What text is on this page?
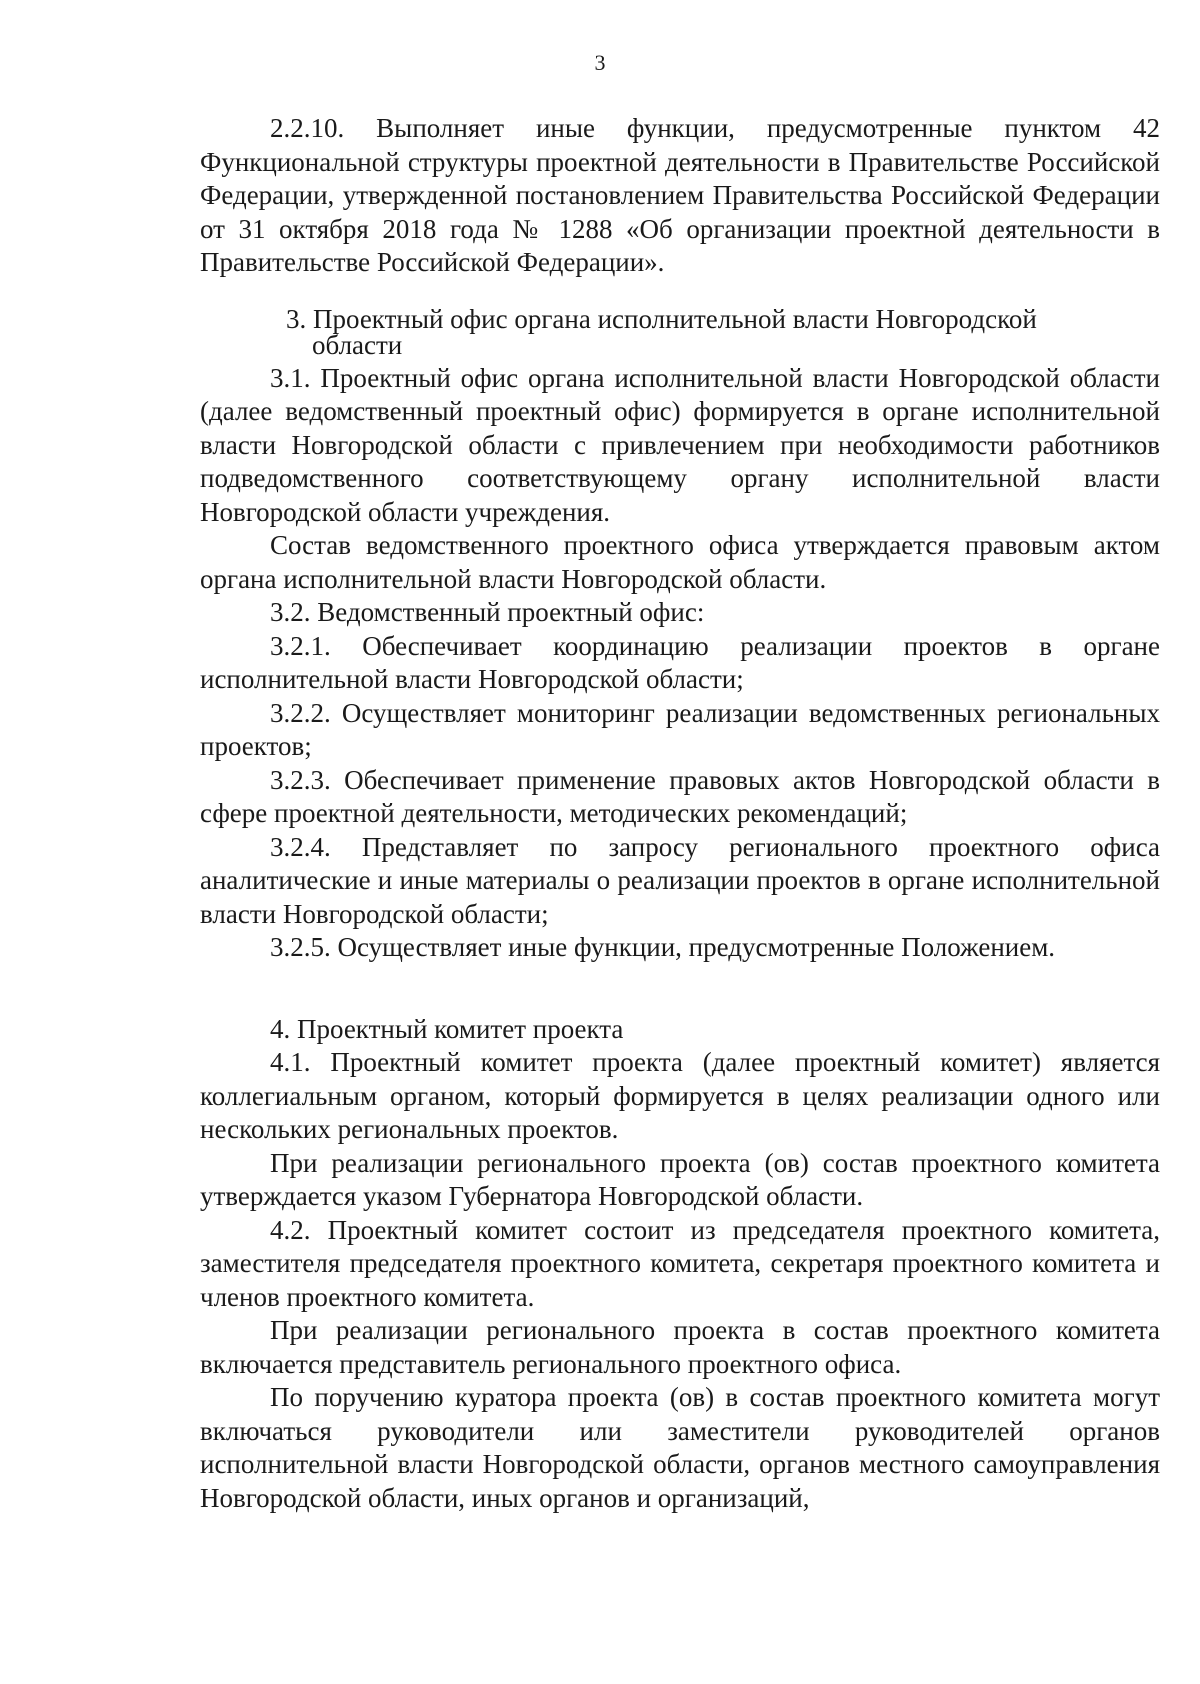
3

2.2.10. Выполняет иные функции, предусмотренные пунктом 42 Функциональной структуры проектной деятельности в Правительстве Российской Федерации, утвержденной постановлением Правительства Российской Федерации от 31 октября 2018 года № 1288 «Об организации проектной деятельности в Правительстве Российской Федерации».

3. Проектный офис органа исполнительной власти Новгородской области

3.1. Проектный офис органа исполнительной власти Новгородской области (далее ведомственный проектный офис) формируется в органе исполнительной власти Новгородской области с привлечением при необходимости работников подведомственного соответствующему органу исполнительной власти Новгородской области учреждения.

Состав ведомственного проектного офиса утверждается правовым актом органа исполнительной власти Новгородской области.

3.2. Ведомственный проектный офис:

3.2.1. Обеспечивает координацию реализации проектов в органе исполнительной власти Новгородской области;

3.2.2. Осуществляет мониторинг реализации ведомственных региональных проектов;

3.2.3. Обеспечивает применение правовых актов Новгородской области в сфере проектной деятельности, методических рекомендаций;

3.2.4. Представляет по запросу регионального проектного офиса аналитические и иные материалы о реализации проектов в органе исполнительной власти Новгородской области;

3.2.5. Осуществляет иные функции, предусмотренные Положением.

4. Проектный комитет проекта

4.1. Проектный комитет проекта (далее проектный комитет) является коллегиальным органом, который формируется в целях реализации одного или нескольких региональных проектов.

При реализации регионального проекта (ов) состав проектного комитета утверждается указом Губернатора Новгородской области.

4.2. Проектный комитет состоит из председателя проектного комитета, заместителя председателя проектного комитета, секретаря проектного комитета и членов проектного комитета.

При реализации регионального проекта в состав проектного комитета включается представитель регионального проектного офиса.

По поручению куратора проекта (ов) в состав проектного комитета могут включаться руководители или заместители руководителей органов исполнительной власти Новгородской области, органов местного самоуправления Новгородской области, иных органов и организаций,
